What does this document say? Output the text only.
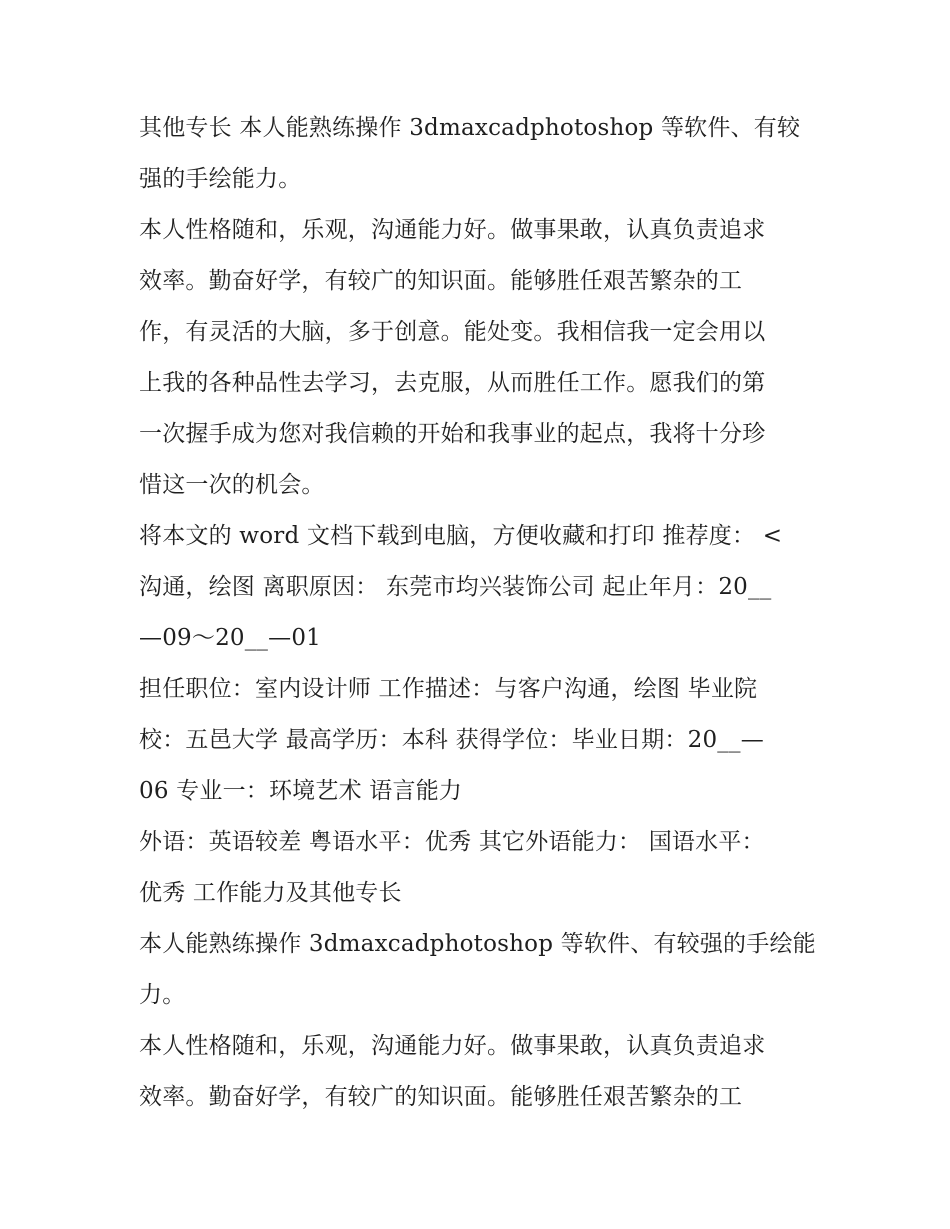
其他专长 本人能熟练操作 3dmaxcadphotoshop 等软件、有较
强的手绘能力。

本人性格随和，乐观，沟通能力好。做事果敢，认真负责追求
效率。勤奋好学，有较广的知识面。能够胜任艰苦繁杂的工
作，有灵活的大脑，多于创意。能处变。我相信我一定会用以
上我的各种品性去学习，去克服，从而胜任工作。愿我们的第
一次握手成为您对我信赖的开始和我事业的起点，我将十分珍
惜这一次的机会。

将本文的 word 文档下载到电脑，方便收藏和打印 推荐度： <
沟通，绘图 离职原因： 东莞市均兴装饰公司 起止年月：20__
—09～20__—01

担任职位：室内设计师 工作描述：与客户沟通，绘图 毕业院
校：五邑大学 最高学历：本科 获得学位：毕业日期：20__—
06 专业一：环境艺术 语言能力

外语：英语较差 粤语水平：优秀 其它外语能力： 国语水平：
优秀 工作能力及其他专长

本人能熟练操作 3dmaxcadphotoshop 等软件、有较强的手绘能
力。

本人性格随和，乐观，沟通能力好。做事果敢，认真负责追求
效率。勤奋好学，有较广的知识面。能够胜任艰苦繁杂的工
